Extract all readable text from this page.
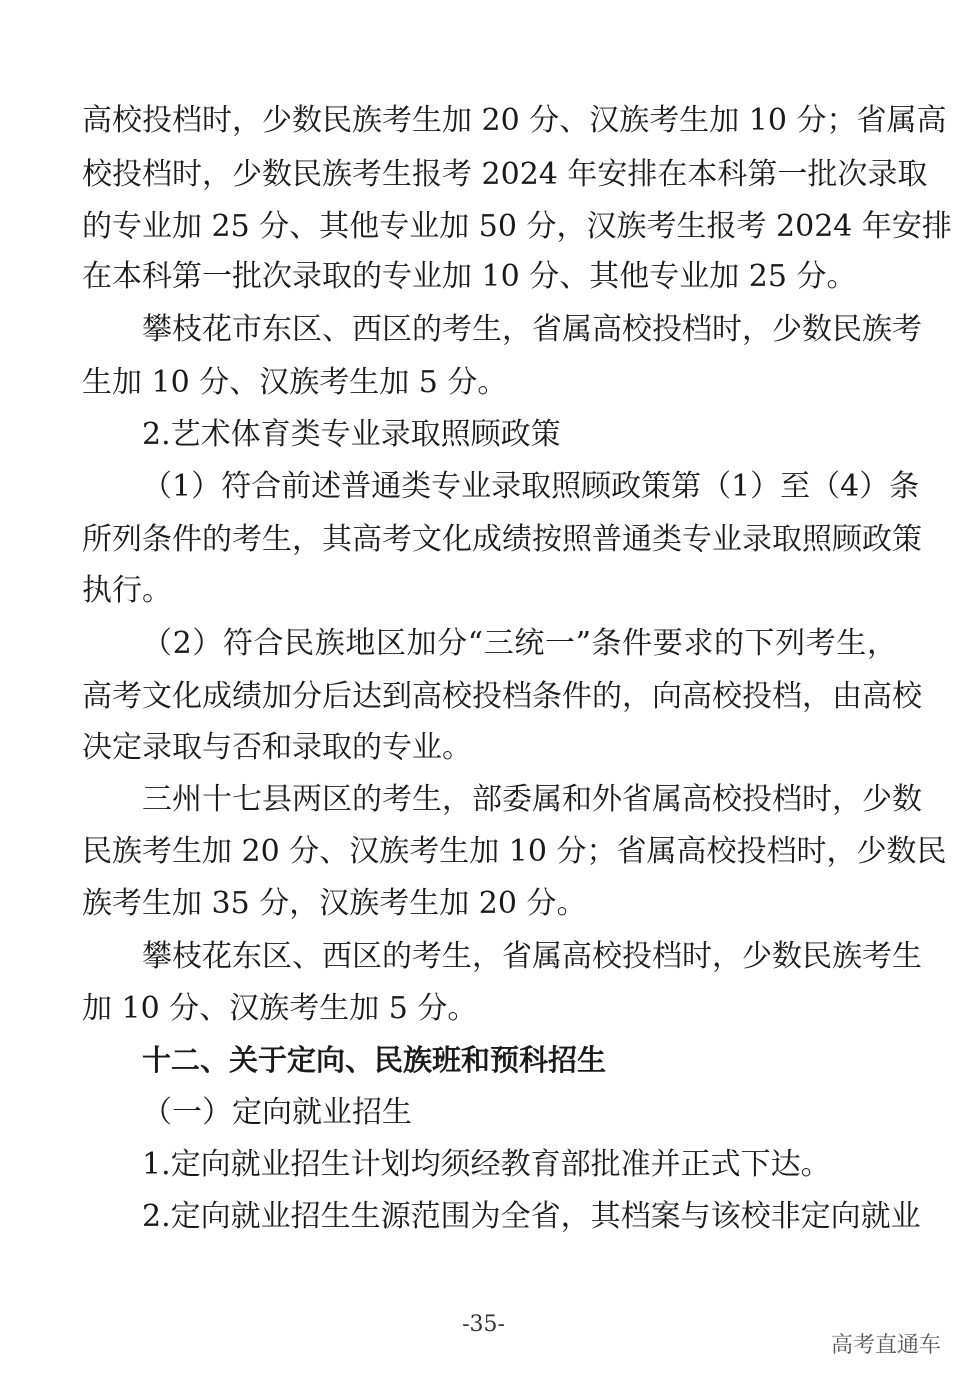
高校投档时，少数民族考生加 20 分、汉族考生加 10 分；省属高
校投档时，少数民族考生报考 2024 年安排在本科第一批次录取
的专业加 25 分、其他专业加 50 分，汉族考生报考 2024 年安排
在本科第一批次录取的专业加 10 分、其他专业加 25 分。
攀枝花市东区、西区的考生，省属高校投档时，少数民族考
生加 10 分、汉族考生加 5 分。
2.艺术体育类专业录取照顾政策
（1）符合前述普通类专业录取照顾政策第（1）至（4）条
所列条件的考生，其高考文化成绩按照普通类专业录取照顾政策
执行。
（2）符合民族地区加分“三统一”条件要求的下列考生，
高考文化成绩加分后达到高校投档条件的，向高校投档，由高校
决定录取与否和录取的专业。
三州十七县两区的考生，部委属和外省属高校投档时，少数
民族考生加 20 分、汉族考生加 10 分；省属高校投档时，少数民
族考生加 35 分，汉族考生加 20 分。
攀枝花东区、西区的考生，省属高校投档时，少数民族考生
加 10 分、汉族考生加 5 分。
十二、关于定向、民族班和预科招生
（一）定向就业招生
1.定向就业招生计划均须经教育部批准并正式下达。
2.定向就业招生生源范围为全省，其档案与该校非定向就业
-35-
高考直通车
